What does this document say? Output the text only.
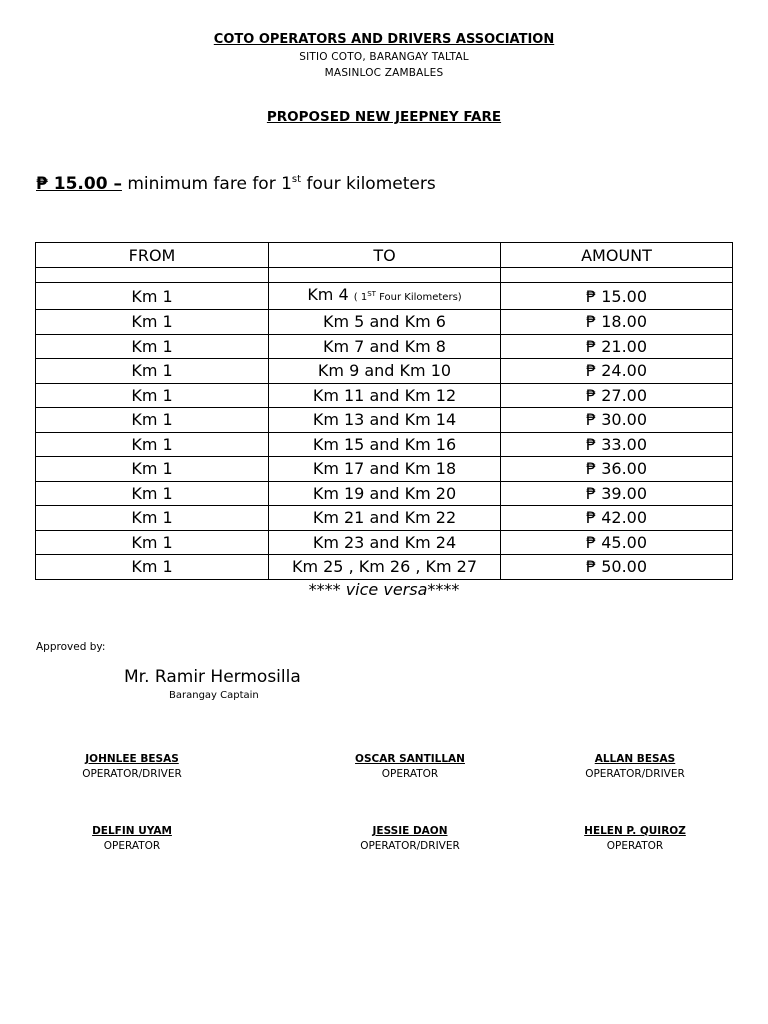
COTO OPERATORS AND DRIVERS ASSOCIATION
SITIO COTO, BARANGAY TALTAL
MASINLOC ZAMBALES
PROPOSED NEW JEEPNEY FARE
₱ 15.00 – minimum fare for 1st four kilometers
FROM	TO	AMOUNT

Km 1	Km 4 ( 1ST Four Kilometers)	₱ 15.00
Km 1	Km 5 and Km 6	₱ 18.00
Km 1	Km 7 and Km 8	₱ 21.00
Km 1	Km 9 and Km 10	₱ 24.00
Km 1	Km 11 and Km 12	₱ 27.00
Km 1	Km 13 and Km 14	₱ 30.00
Km 1	Km 15 and Km 16	₱ 33.00
Km 1	Km 17 and Km 18	₱ 36.00
Km 1	Km 19 and Km 20	₱ 39.00
Km 1	Km 21 and Km 22	₱ 42.00
Km 1	Km 23 and Km 24	₱ 45.00
Km 1	Km 25 , Km 26 , Km 27	₱ 50.00
**** vice versa****
Approved by:
Mr. Ramir Hermosilla
Barangay Captain
JOHNLEE BESAS
OPERATOR/DRIVER
OSCAR SANTILLAN
OPERATOR
ALLAN BESAS
OPERATOR/DRIVER
DELFIN UYAM
OPERATOR
JESSIE DAON
OPERATOR/DRIVER
HELEN P. QUIROZ
OPERATOR
